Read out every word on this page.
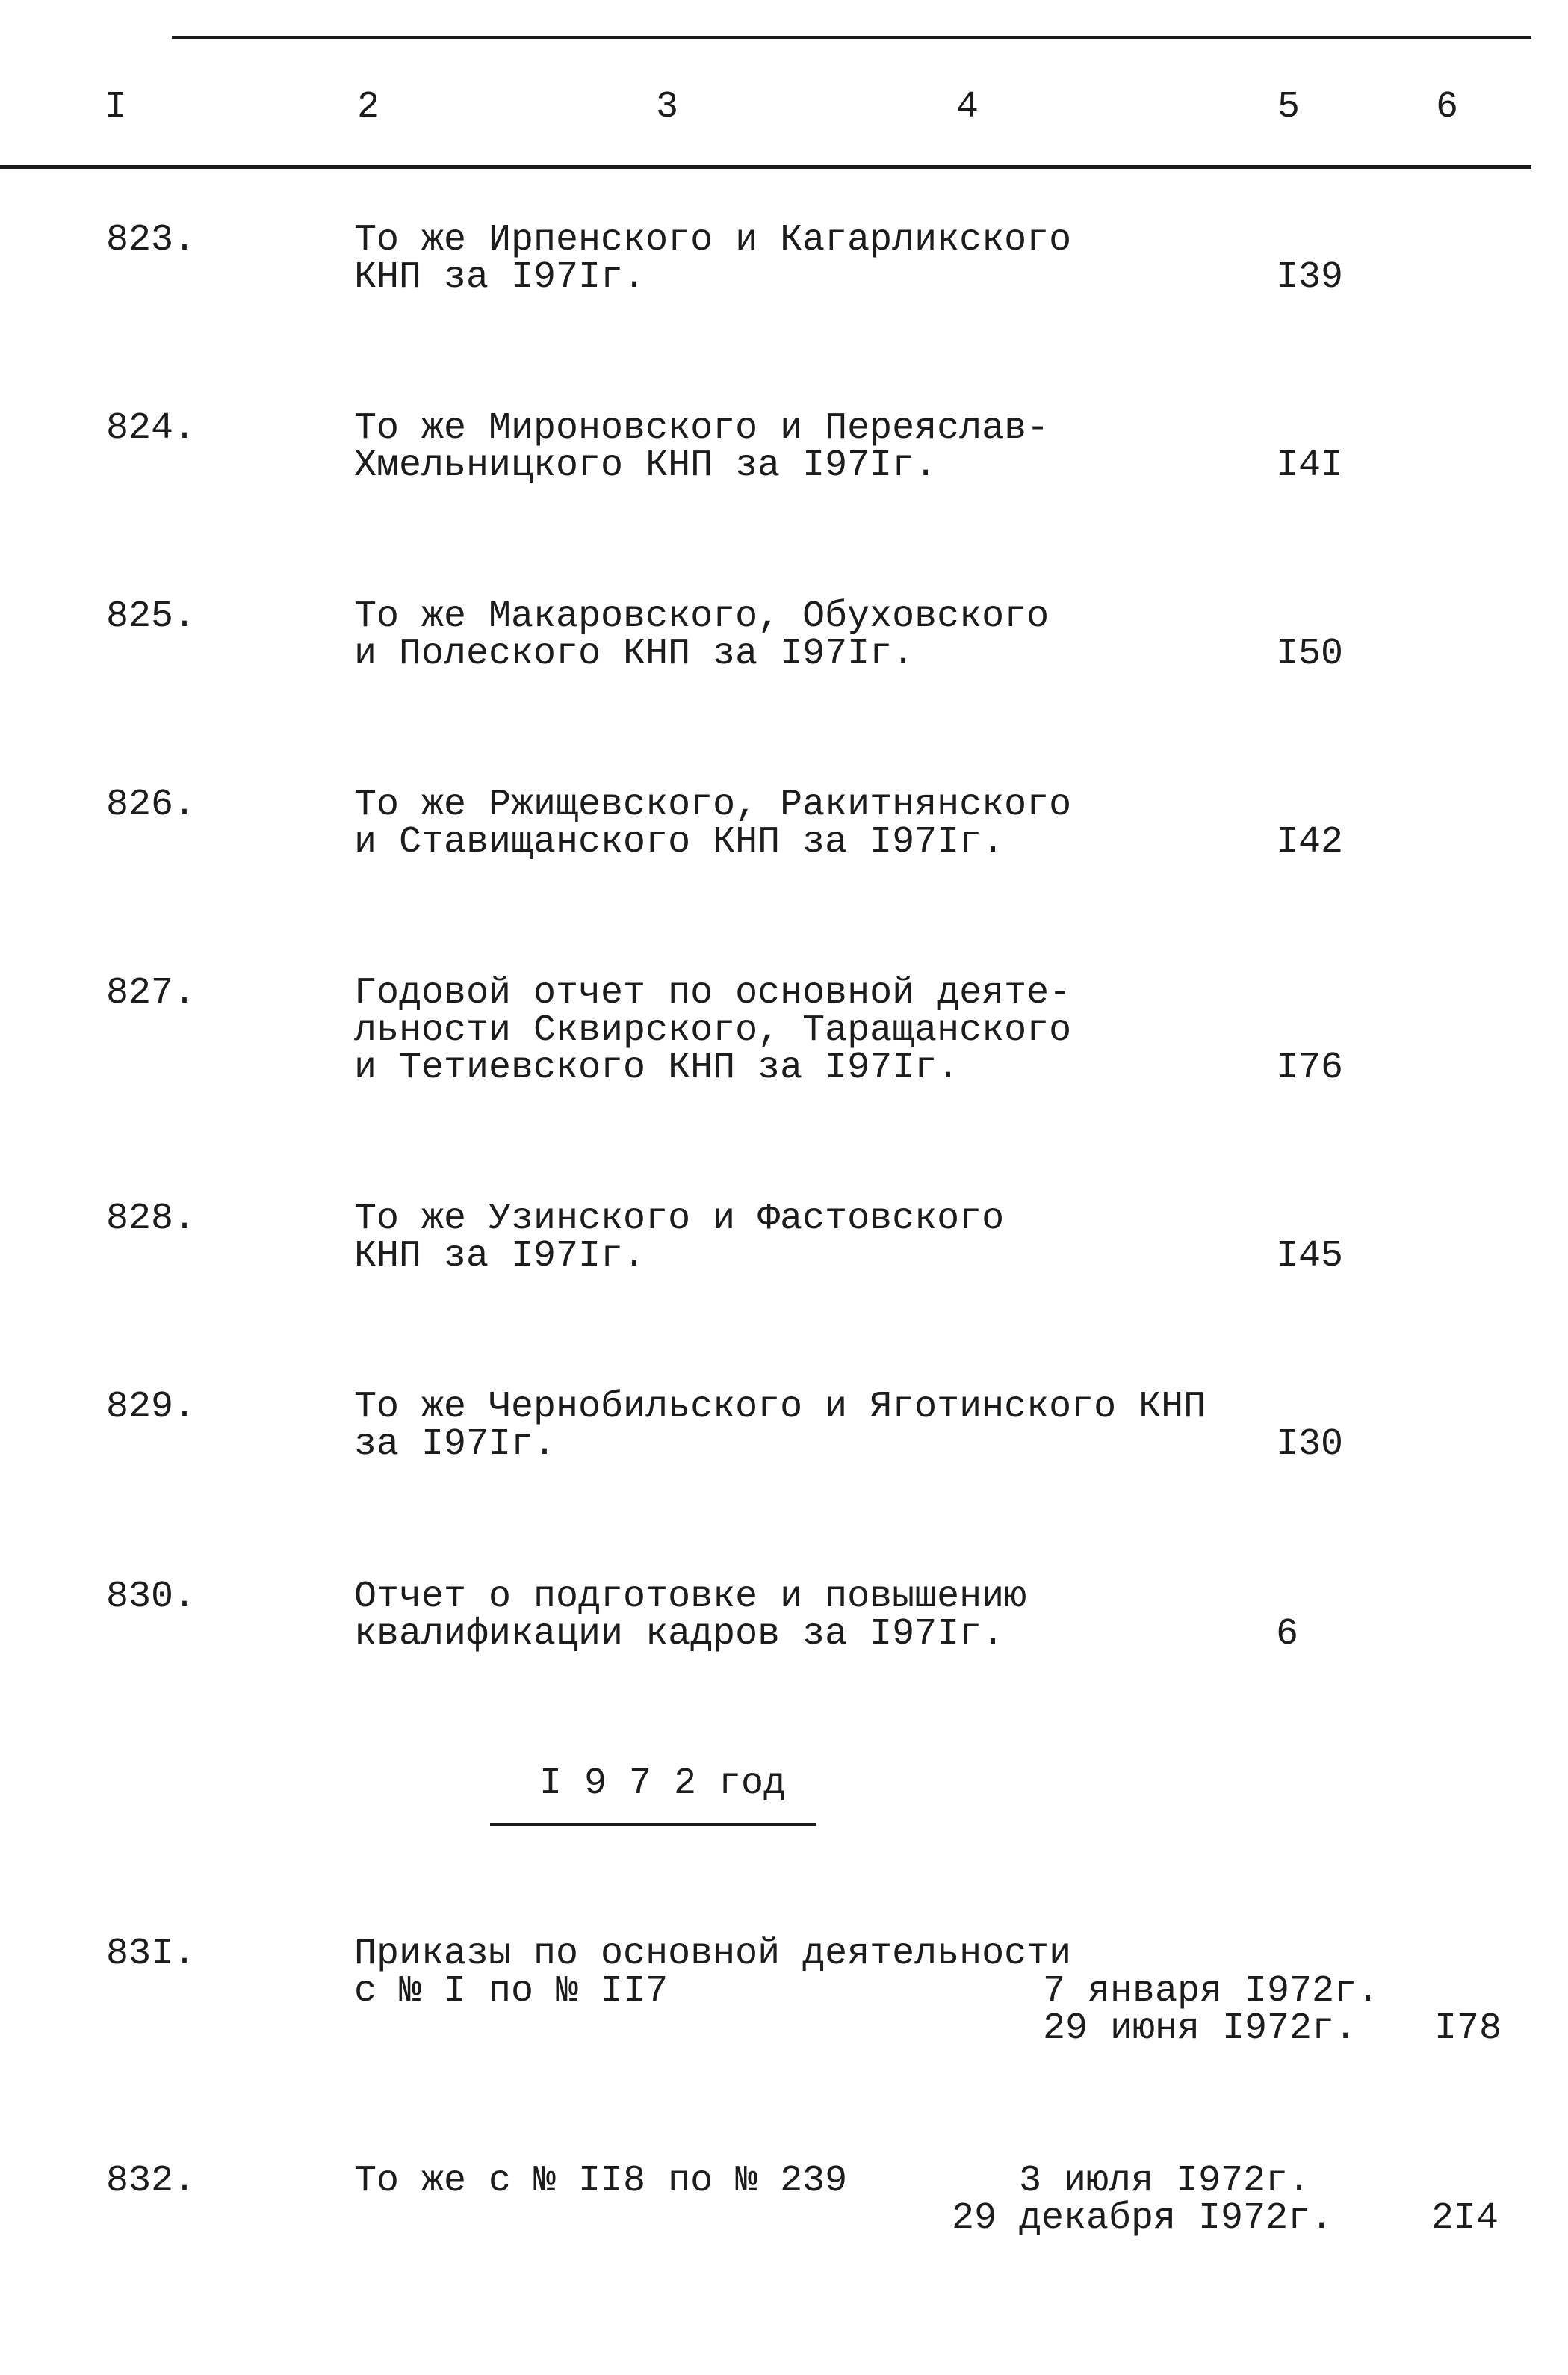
I	2	3	4	5	6
823.	То же Ирпенского и Кагарликского
КНП за I97Iг.	I39
824.	То же Мироновского и Переяслав-
Хмельницкого КНП за I97Iг.	I4I
825.	То же Макаровского, Обуховского
и Полеского КНП за I97Iг.	I50
826.	То же Ржищевского, Ракитнянского
и Ставищанского КНП за I97Iг.	I42
827.	Годовой отчет по основной деяте-
льности Сквирского, Таращанского
и Тетиевского КНП за I97Iг.	I76
828.	То же Узинского и Фастовского
КНП за I97Iг.	I45
829.	То же Чернобильского и Яготинского КНП
за I97Iг.	I30
830.	Отчет о подготовке и повышению
квалификации кадров за I97Iг.	6
I 9 7 2 год
83I.	Приказы по основной деятельности
с № I по № II7	7 января I972г.
29 июня I972г. I78
832.	То же с № II8 по № 239	3 июля I972г.
29 декабря I972г.	2I4
